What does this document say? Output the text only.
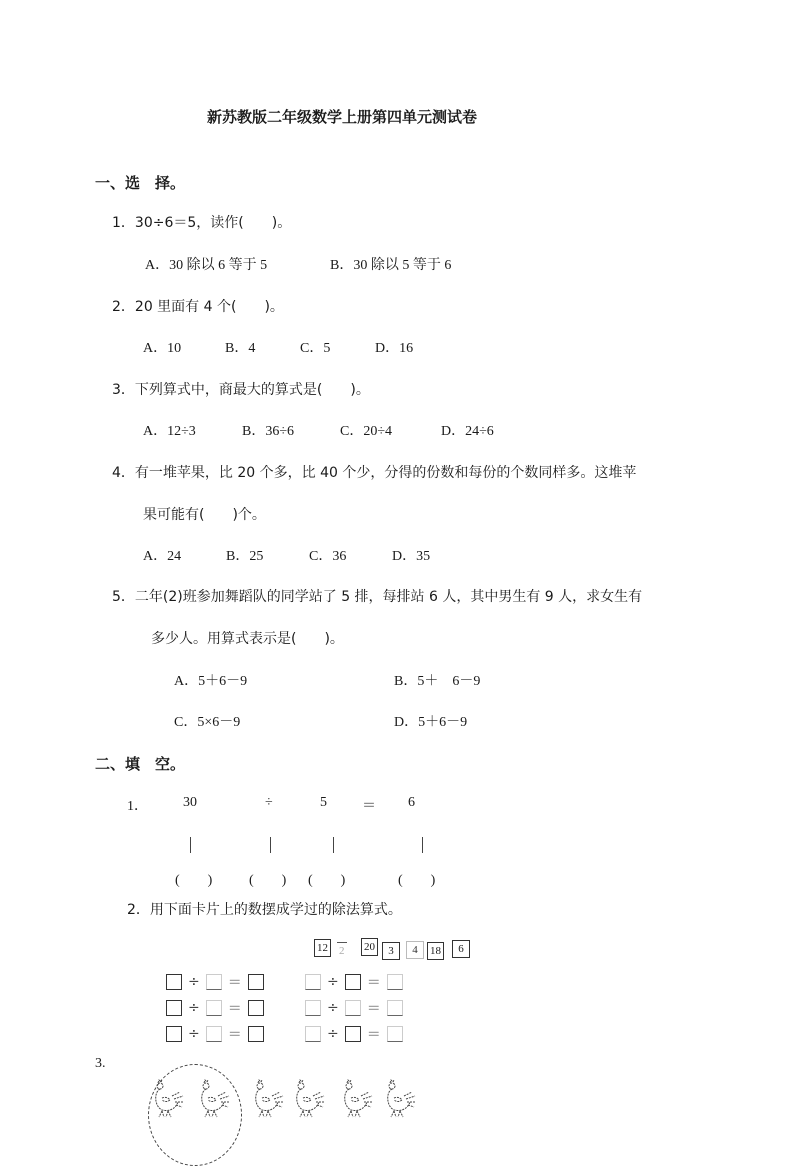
新苏教版二年级数学上册第四单元测试卷
一、选　择。
1．30÷6＝5，读作(　　)。
A．30 除以 6 等于 5	B．30 除以 5 等于 6
2．20 里面有 4 个(　　)。
A．10	B．4	C．5	D．16
3．下列算式中，商最大的算式是(　　)。
A．12÷3	B．36÷6	C．20÷4	D．24÷6
4．有一堆苹果，比 20 个多，比 40 个少，分得的份数和每份的个数同样多。这堆苹
果可能有(　　)个。
A．24	B．25	C．36	D．35
5．二年(2)班参加舞蹈队的同学站了 5 排，每排站 6 人，其中男生有 9 人，求女生有
多少人。用算式表示是(　　)。
A．5＋6－9	B．5＋　6－9
C．5×6－9	D．5＋6－9
二、填　空。
1．	30	÷	5	＝ 6
(　　)	(　　) (　　)	(　　)
2．用下面卡片上的数摆成学过的除法算式。
12 2 20	3	4	18	6
÷ ＝
÷ ＝
÷ ＝
÷ ＝
÷ ＝
÷ ＝
3.
